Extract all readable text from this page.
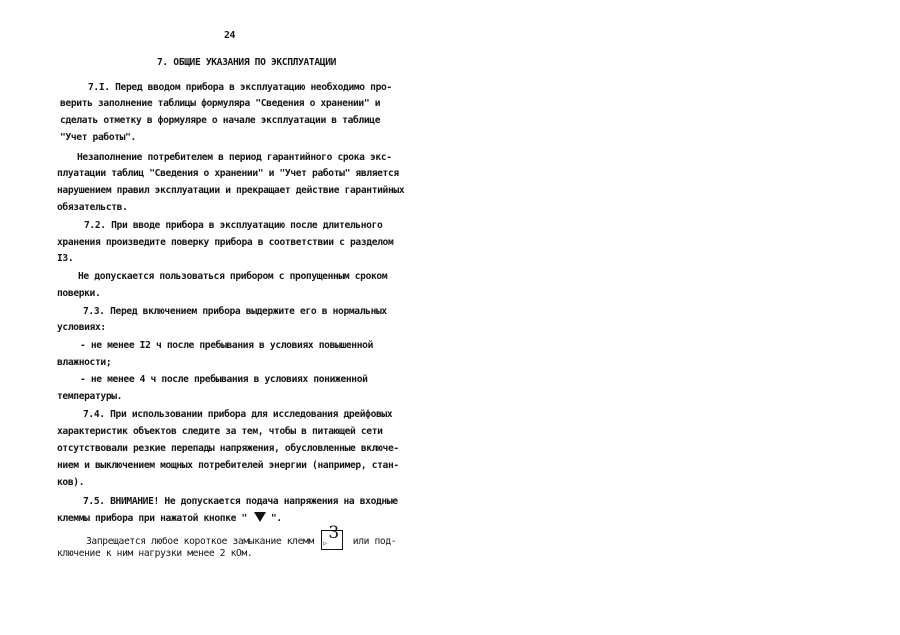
24
7. ОБЩИЕ УКАЗАНИЯ ПО ЭКСПЛУАТАЦИИ
7.I. Перед вводом прибора в эксплуатацию необходимо про-
верить заполнение таблицы формуляра "Сведения о хранении" и
сделать отметку в формуляре о начале эксплуатации в таблице
"Учет работы".
Незаполнение потребителем в период гарантийного срока экс-
плуатации таблиц "Сведения о хранении" и "Учет работы" является
нарушением правил эксплуатации и прекращает действие гарантийных
обязательств.
7.2. При вводе прибора в эксплуатацию после длительного
хранения произведите поверку прибора в соответствии с разделом
I3.
Не допускается пользоваться прибором с пропущенным сроком
поверки.
7.3. Перед включением прибора выдержите его в нормальных
условиях:
- не менее I2 ч после пребывания в условиях повышенной
влажности;
- не менее 4 ч после пребывания в условиях пониженной
температуры.
7.4. При использовании прибора для исследования дрейфовых
характеристик объектов следите за тем, чтобы в питающей сети
отсутствовали резкие перепады напряжения, обусловленные включе-
нием и выключением мощных потребителей энергии (например, стан-
ков).
7.5. ВНИМАНИЕ! Не допускается подача напряжения на входные
клеммы прибора при нажатой кнопке "	".
Запрещается любое короткое замыкание клемм ▷
3 или под-
ключение к ним нагрузки менее 2 кОм.
